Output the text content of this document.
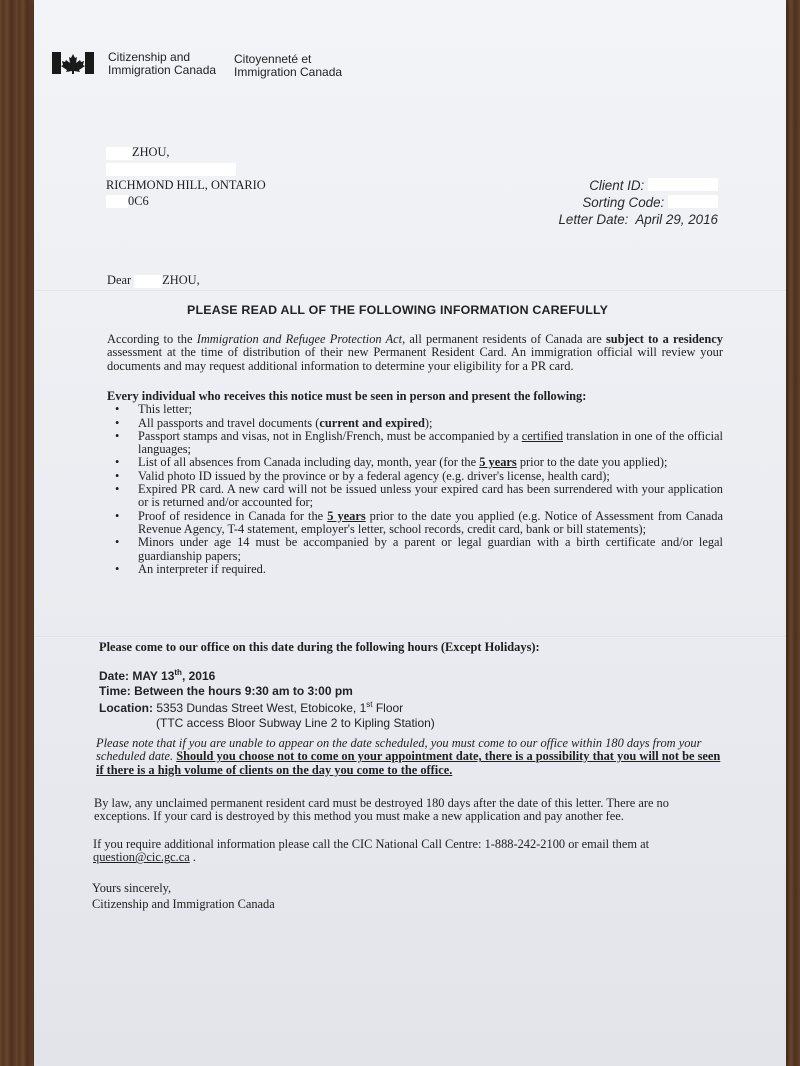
Citizenship and
Immigration Canada
Citoyenneté et
Immigration Canada
ZHOU,
RICHMOND HILL, ONTARIO
0C6
Client ID:
Sorting Code:
Letter Date: April 29, 2016
Dear	ZHOU,
PLEASE READ ALL OF THE FOLLOWING INFORMATION CAREFULLY
According to the Immigration and Refugee Protection Act, all permanent residents of Canada are subject to a residency assessment at the time of distribution of their new Permanent Resident Card. An immigration official will review your documents and may request additional information to determine your eligibility for a PR card.
Every individual who receives this notice must be seen in person and present the following:
• This letter;
• All passports and travel documents (current and expired);
• Passport stamps and visas, not in English/French, must be accompanied by a certified translation in one of the official languages;
• List of all absences from Canada including day, month, year (for the 5 years prior to the date you applied);
• Valid photo ID issued by the province or by a federal agency (e.g. driver's license, health card);
• Expired PR card. A new card will not be issued unless your expired card has been surrendered with your application or is returned and/or accounted for;
• Proof of residence in Canada for the 5 years prior to the date you applied (e.g. Notice of Assessment from Canada Revenue Agency, T-4 statement, employer's letter, school records, credit card, bank or bill statements);
• Minors under age 14 must be accompanied by a parent or legal guardian with a birth certificate and/or legal guardianship papers;
• An interpreter if required.
Please come to our office on this date during the following hours (Except Holidays):
Date: MAY 13th, 2016
Time: Between the hours 9:30 am to 3:00 pm
Location: 5353 Dundas Street West, Etobicoke, 1st Floor
(TTC access Bloor Subway Line 2 to Kipling Station)
Please note that if you are unable to appear on the date scheduled, you must come to our office within 180 days from your scheduled date. Should you choose not to come on your appointment date, there is a possibility that you will not be seen if there is a high volume of clients on the day you come to the office.
By law, any unclaimed permanent resident card must be destroyed 180 days after the date of this letter. There are no exceptions. If your card is destroyed by this method you must make a new application and pay another fee.
If you require additional information please call the CIC National Call Centre: 1-888-242-2100 or email them at question@cic.gc.ca .
Yours sincerely,
Citizenship and Immigration Canada
